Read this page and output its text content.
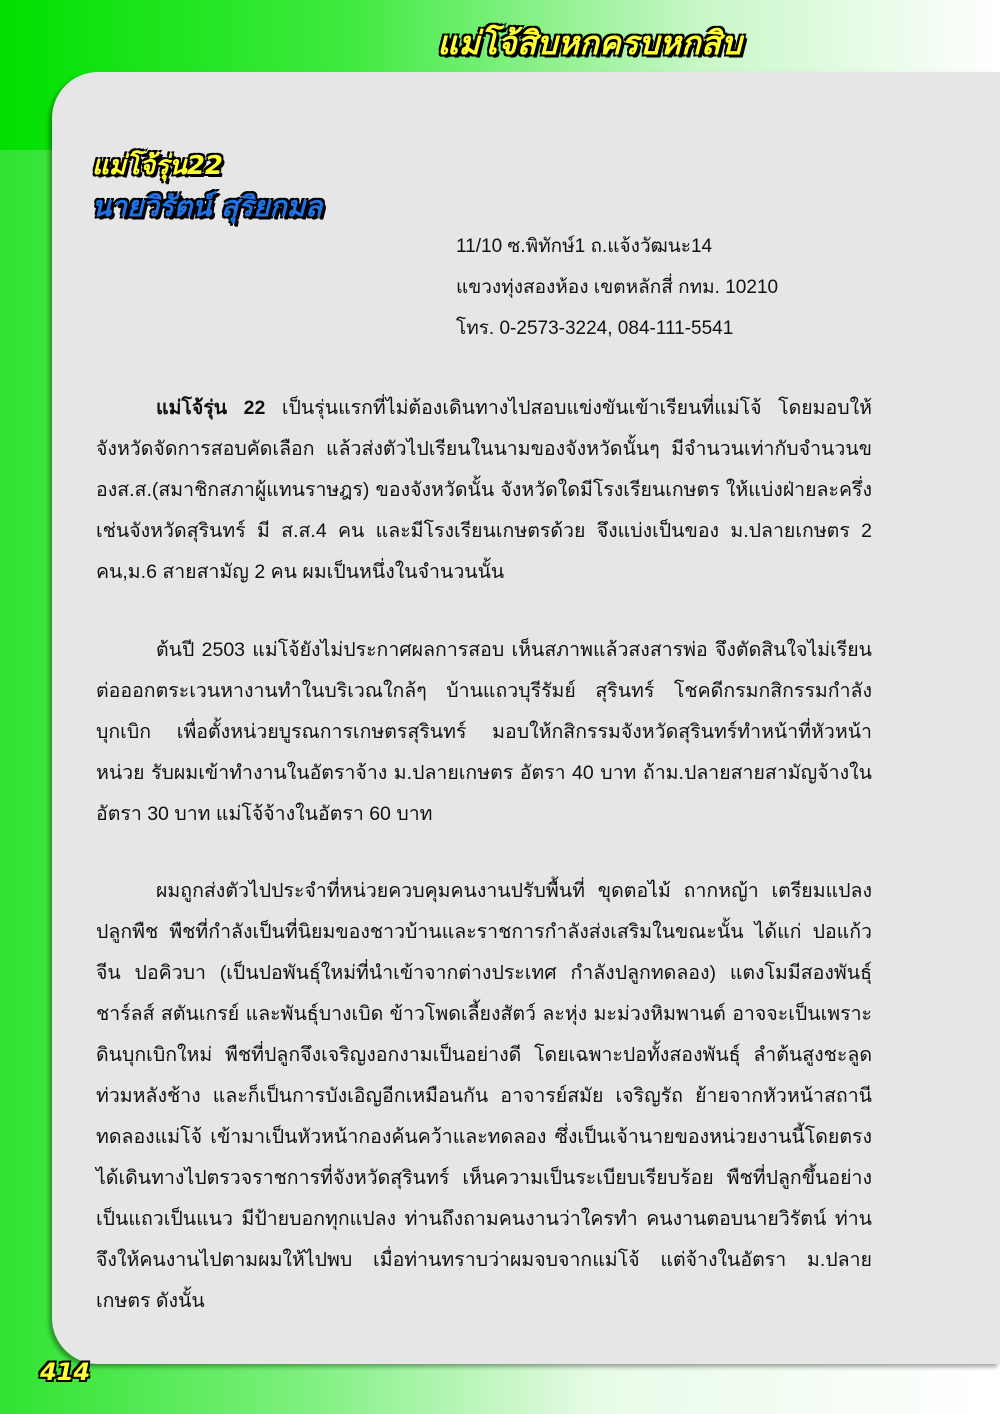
แม่โจ้สิบหกครบหกสิบ
แม่โจ้รุ่น22
นายวิรัตน์ สุริยกมล
11/10 ซ.พิทักษ์1 ถ.แจ้งวัฒนะ14
แขวงทุ่งสองห้อง เขตหลักสี่ กทม. 10210
โทร. 0-2573-3224, 084-111-5541

แม่โจ้รุ่น 22 เป็นรุ่นแรกที่ไม่ต้องเดินทางไปสอบแข่งขันเข้าเรียนที่แม่โจ้ โดยมอบให้จังหวัดจัดการสอบคัดเลือก แล้วส่งตัวไปเรียนในนามของจังหวัดนั้นๆ มีจำนวนเท่ากับจำนวนของส.ส.(สมาชิกสภาผู้แทนราษฎร) ของจังหวัดนั้น จังหวัดใดมีโรงเรียนเกษตร ให้แบ่งฝ่ายละครึ่ง เช่นจังหวัดสุรินทร์ มี ส.ส.4 คน และมีโรงเรียนเกษตรด้วย จึงแบ่งเป็นของ ม.ปลายเกษตร 2 คน,ม.6 สายสามัญ 2 คน ผมเป็นหนึ่งในจำนวนนั้น

ต้นปี 2503 แม่โจ้ยังไม่ประกาศผลการสอบ เห็นสภาพแล้วสงสารพ่อ จึงตัดสินใจไม่เรียนต่อออกตระเวนหางานทำในบริเวณใกล้ๆ บ้านแถวบุรีรัมย์ สุรินทร์ โชคดีกรมกสิกรรมกำลังบุกเบิก เพื่อตั้งหน่วยบูรณการเกษตรสุรินทร์ มอบให้กสิกรรมจังหวัดสุรินทร์ทำหน้าที่หัวหน้าหน่วย รับผมเข้าทำงานในอัตราจ้าง ม.ปลายเกษตร อัตรา 40 บาท ถ้าม.ปลายสายสามัญจ้างในอัตรา 30 บาท แม่โจ้จ้างในอัตรา 60 บาท

ผมถูกส่งตัวไปประจำที่หน่วยควบคุมคนงานปรับพื้นที่ ขุดตอไม้ ถากหญ้า เตรียมแปลงปลูกพืช พืชที่กำลังเป็นที่นิยมของชาวบ้านและราชการกำลังส่งเสริมในขณะนั้น ได้แก่ ปอแก้วจีน ปอคิวบา (เป็นปอพันธุ์ใหม่ที่นำเข้าจากต่างประเทศ กำลังปลูกทดลอง) แตงโมมีสองพันธุ์ ชาร์ลส์ สตันเกรย์ และพันธุ์บางเบิด ข้าวโพดเลี้ยงสัตว์ ละหุ่ง มะม่วงหิมพานต์ อาจจะเป็นเพราะดินบุกเบิกใหม่ พืชที่ปลูกจึงเจริญงอกงามเป็นอย่างดี โดยเฉพาะปอทั้งสองพันธุ์ ลำต้นสูงชะลูด ท่วมหลังช้าง และก็เป็นการบังเอิญอีกเหมือนกัน อาจารย์สมัย เจริญรัถ ย้ายจากหัวหน้าสถานีทดลองแม่โจ้ เข้ามาเป็นหัวหน้ากองค้นคว้าและทดลอง ซึ่งเป็นเจ้านายของหน่วยงานนี้โดยตรง ได้เดินทางไปตรวจราชการที่จังหวัดสุรินทร์ เห็นความเป็นระเบียบเรียบร้อย พืชที่ปลูกขึ้นอย่างเป็นแถวเป็นแนว มีป้ายบอกทุกแปลง ท่านถึงถามคนงานว่าใครทำ คนงานตอบนายวิรัตน์ ท่านจึงให้คนงานไปตามผมให้ไปพบ เมื่อท่านทราบว่าผมจบจากแม่โจ้ แต่จ้างในอัตรา ม.ปลายเกษตร ดังนั้น

414
